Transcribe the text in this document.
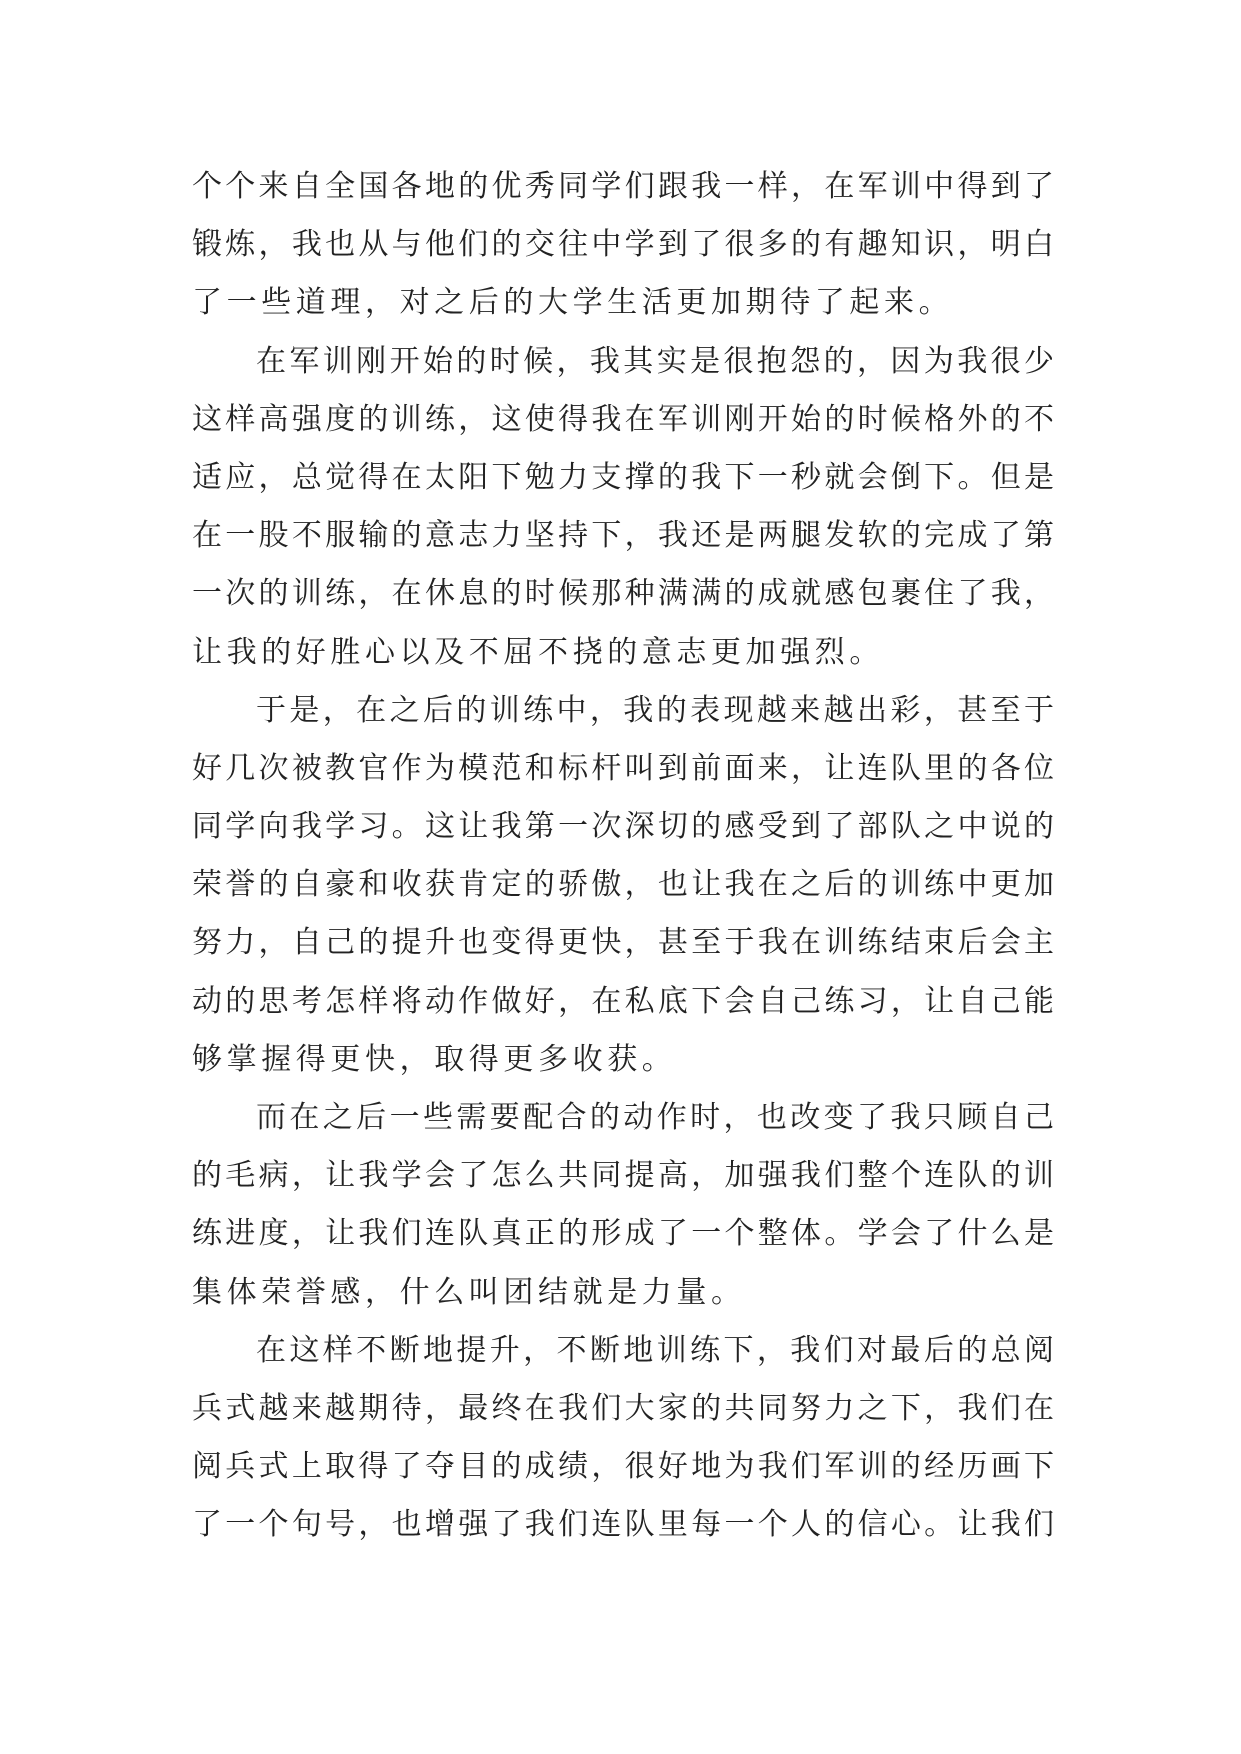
个个来自全国各地的优秀同学们跟我一样，在军训中得到了
锻炼，我也从与他们的交往中学到了很多的有趣知识，明白
了一些道理，对之后的大学生活更加期待了起来。
在军训刚开始的时候，我其实是很抱怨的，因为我很少
这样高强度的训练，这使得我在军训刚开始的时候格外的不
适应，总觉得在太阳下勉力支撑的我下一秒就会倒下。但是
在一股不服输的意志力坚持下，我还是两腿发软的完成了第
一次的训练，在休息的时候那种满满的成就感包裹住了我，
让我的好胜心以及不屈不挠的意志更加强烈。
于是，在之后的训练中，我的表现越来越出彩，甚至于
好几次被教官作为模范和标杆叫到前面来，让连队里的各位
同学向我学习。这让我第一次深切的感受到了部队之中说的
荣誉的自豪和收获肯定的骄傲，也让我在之后的训练中更加
努力，自己的提升也变得更快，甚至于我在训练结束后会主
动的思考怎样将动作做好，在私底下会自己练习，让自己能
够掌握得更快，取得更多收获。
而在之后一些需要配合的动作时，也改变了我只顾自己
的毛病，让我学会了怎么共同提高，加强我们整个连队的训
练进度，让我们连队真正的形成了一个整体。学会了什么是
集体荣誉感，什么叫团结就是力量。
在这样不断地提升，不断地训练下，我们对最后的总阅
兵式越来越期待，最终在我们大家的共同努力之下，我们在
阅兵式上取得了夺目的成绩，很好地为我们军训的经历画下
了一个句号，也增强了我们连队里每一个人的信心。让我们
